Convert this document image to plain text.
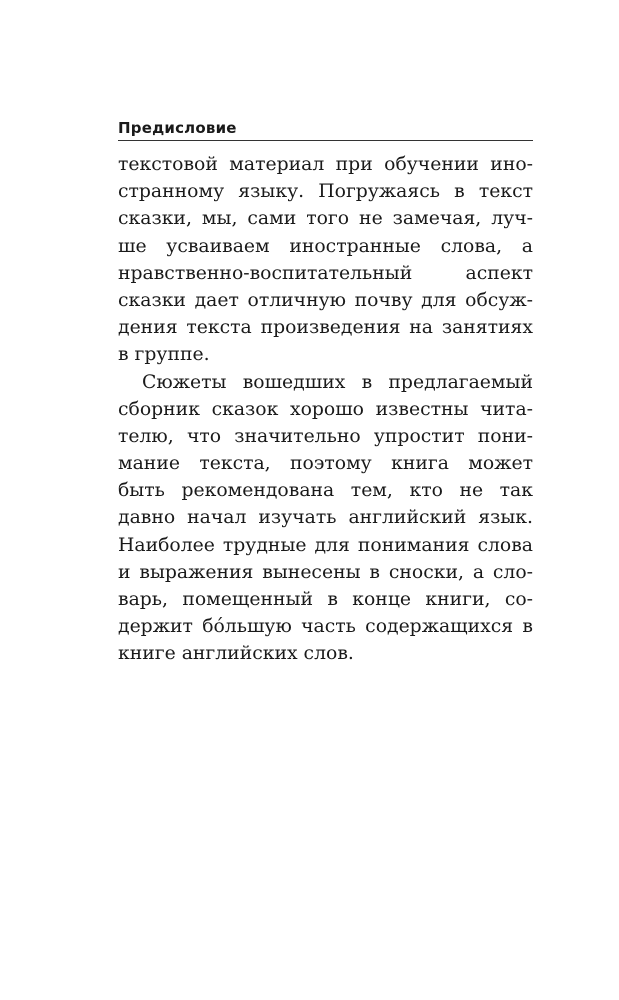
Предисловие
текстовой материал при обучении ино-
странному языку. Погружаясь в текст
сказки, мы, сами того не замечая, луч-
ше усваиваем иностранные слова, а
нравственно-воспитательный аспект
сказки дает отличную почву для обсуж-
дения текста произведения на занятиях
в группе.
Сюжеты вошедших в предлагаемый
сборник сказок хорошо известны чита-
телю, что значительно упростит пони-
мание текста, поэтому книга может
быть рекомендована тем, кто не так
давно начал изучать английский язык.
Наиболее трудные для понимания слова
и выражения вынесены в сноски, а сло-
варь, помещенный в конце книги, со-
держит бóльшую часть содержащихся в
книге английских слов.
